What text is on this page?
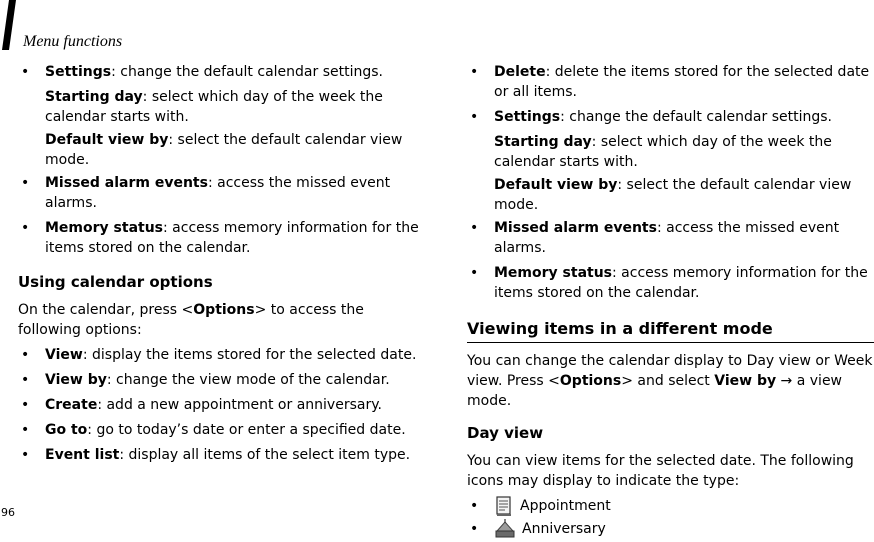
Menu functions
• Settings: change the default calendar settings.
Starting day: select which day of the week the calendar starts with.
Default view by: select the default calendar view mode.
• Missed alarm events: access the missed event alarms.
• Memory status: access memory information for the items stored on the calendar.
Using calendar options
On the calendar, press <Options> to access the following options:
• View: display the items stored for the selected date.
• View by: change the view mode of the calendar.
• Create: add a new appointment or anniversary.
• Go to: go to today’s date or enter a specified date.
• Event list: display all items of the select item type.
• Delete: delete the items stored for the selected date or all items.
• Settings: change the default calendar settings.
Starting day: select which day of the week the calendar starts with.
Default view by: select the default calendar view mode.
• Missed alarm events: access the missed event alarms.
• Memory status: access memory information for the items stored on the calendar.
Viewing items in a different mode
You can change the calendar display to Day view or Week view. Press <Options> and select View by → a view mode.
Day view
You can view items for the selected date. The following icons may display to indicate the type:
•	Appointment
•	Anniversary
96
